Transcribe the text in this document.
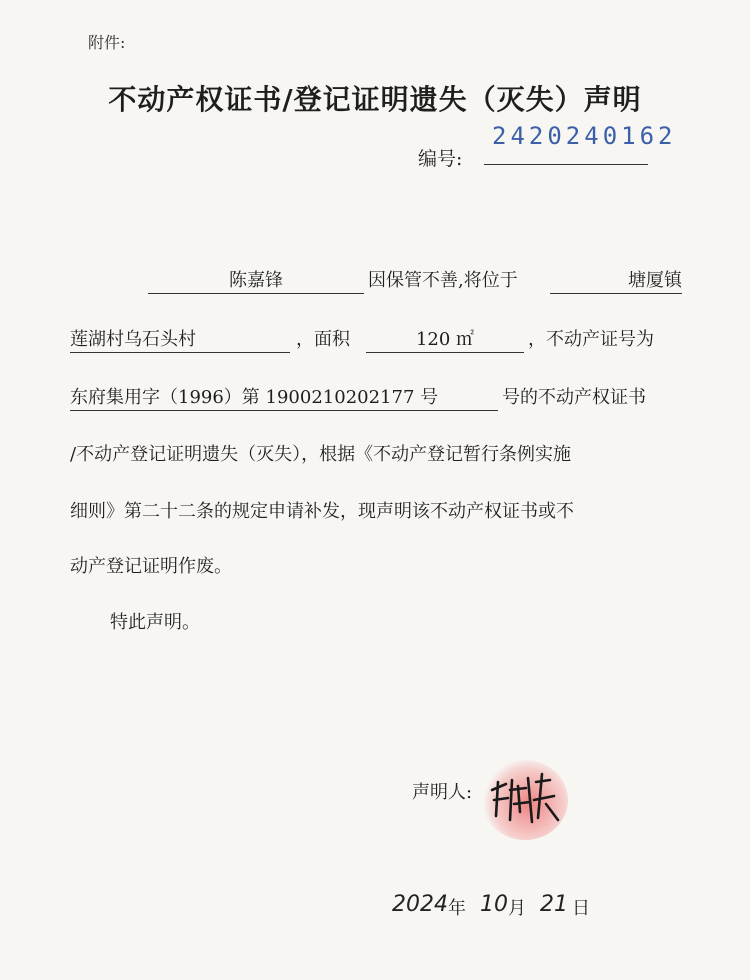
附件:
不动产权证书/登记证明遗失（灭失）声明
编号:
2420240162
陈嘉锋	因保管不善,将位于	塘厦镇
莲湖村乌石头村	，面积	120 ㎡	，不动产证号为
东府集用字（1996）第 1900210202177 号	号的不动产权证书
/不动产登记证明遗失（灭失），根据《不动产登记暂行条例实施
细则》第二十二条的规定申请补发，现声明该不动产权证书或不
动产登记证明作废。
特此声明。
声明人:
2024 年 10 月 21 日
